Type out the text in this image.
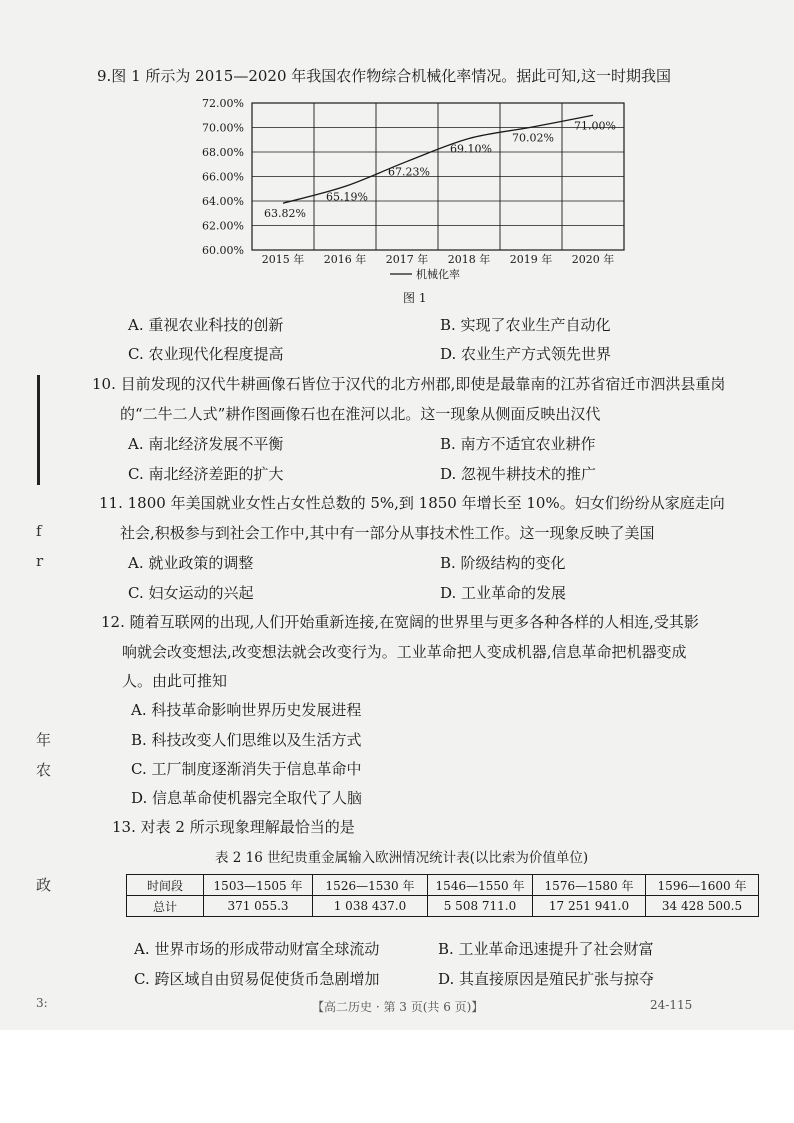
f
r
年
农
政
9.图 1 所示为 2015—2020 年我国农作物综合机械化率情况。据此可知,这一时期我国
60.00%
62.00%
64.00%
66.00%
68.00%
70.00%
72.00%
2015 年 2016 年 2017 年 2018 年 2019 年 2020 年
63.82%
65.19%
67.23%
69.10%
70.02%
71.00%
机械化率
图 1
A. 重视农业科技的创新	B. 实现了农业生产自动化
C. 农业现代化程度提高	D. 农业生产方式领先世界
10. 目前发现的汉代牛耕画像石皆位于汉代的北方州郡,即使是最靠南的江苏省宿迁市泗洪县重岗
的“二牛二人式”耕作图画像石也在淮河以北。这一现象从侧面反映出汉代
A. 南北经济发展不平衡	B. 南方不适宜农业耕作
C. 南北经济差距的扩大	D. 忽视牛耕技术的推广
11. 1800 年美国就业女性占女性总数的 5%,到 1850 年增长至 10%。妇女们纷纷从家庭走向
社会,积极参与到社会工作中,其中有一部分从事技术性工作。这一现象反映了美国
A. 就业政策的调整	B. 阶级结构的变化
C. 妇女运动的兴起	D. 工业革命的发展
12. 随着互联网的出现,人们开始重新连接,在宽阔的世界里与更多各种各样的人相连,受其影
响就会改变想法,改变想法就会改变行为。工业革命把人变成机器,信息革命把机器变成
人。由此可推知
A. 科技革命影响世界历史发展进程
B. 科技改变人们思维以及生活方式
C. 工厂制度逐渐消失于信息革命中
D. 信息革命使机器完全取代了人脑
13. 对表 2 所示现象理解最恰当的是
表 2 16 世纪贵重金属输入欧洲情况统计表(以比索为价值单位)
时间段	1503—1505 年	1526—1530 年	1546—1550 年	1576—1580 年	1596—1600 年
总计	371 055.3	1 038 437.0	5 508 711.0	17 251 941.0	34 428 500.5
A. 世界市场的形成带动财富全球流动	B. 工业革命迅速提升了社会财富
C. 跨区域自由贸易促使货币急剧增加	D. 其直接原因是殖民扩张与掠夺
3:	【高二历史 · 第 3 页(共 6 页)】	24-115
